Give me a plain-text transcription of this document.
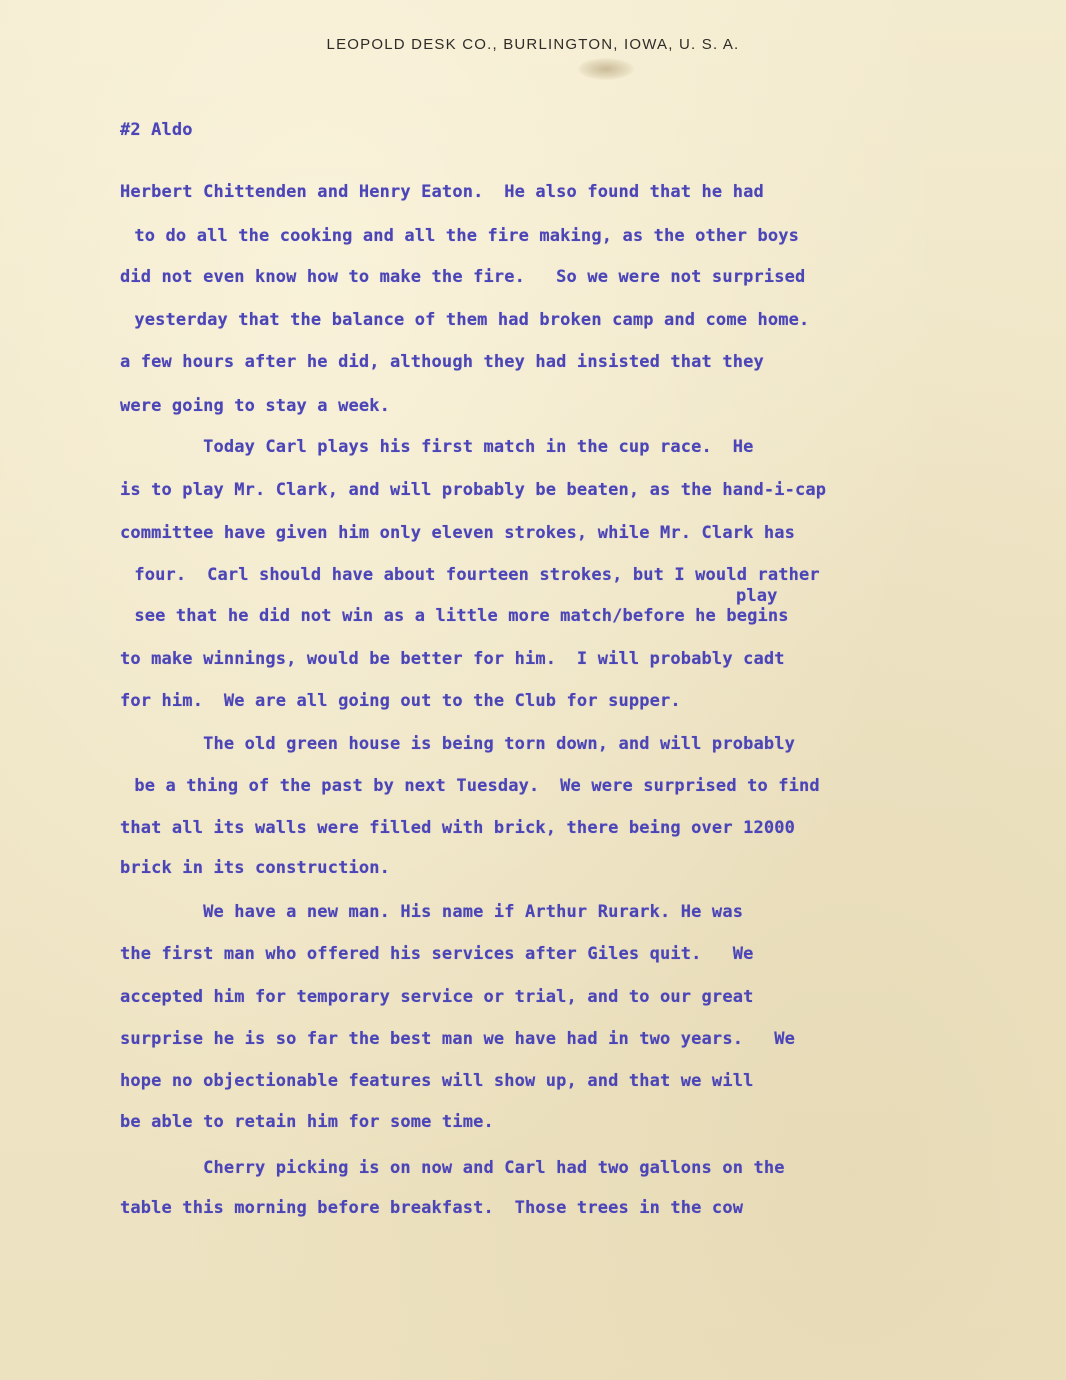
LEOPOLD DESK CO., BURLINGTON, IOWA, U. S. A.
#2 Aldo
Herbert Chittenden and Henry Eaton.  He also found that he had
to do all the cooking and all the fire making, as the other boys
did not even know how to make the fire.   So we were not surprised
yesterday that the balance of them had broken camp and come home.
a few hours after he did, although they had insisted that they
were going to stay a week.
Today Carl plays his first match in the cup race.  He
is to play Mr. Clark, and will probably be beaten, as the hand-i-cap
committee have given him only eleven strokes, while Mr. Clark has
four.  Carl should have about fourteen strokes, but I would rather
play
see that he did not win as a little more match/before he begins
to make winnings, would be better for him.  I will probably cadt
for him.  We are all going out to the Club for supper.
The old green house is being torn down, and will probably
be a thing of the past by next Tuesday.  We were surprised to find
that all its walls were filled with brick, there being over 12000
brick in its construction.
We have a new man. His name if Arthur Rurark. He was
the first man who offered his services after Giles quit.   We
accepted him for temporary service or trial, and to our great
surprise he is so far the best man we have had in two years.   We
hope no objectionable features will show up, and that we will
be able to retain him for some time.
Cherry picking is on now and Carl had two gallons on the
table this morning before breakfast.  Those trees in the cow
